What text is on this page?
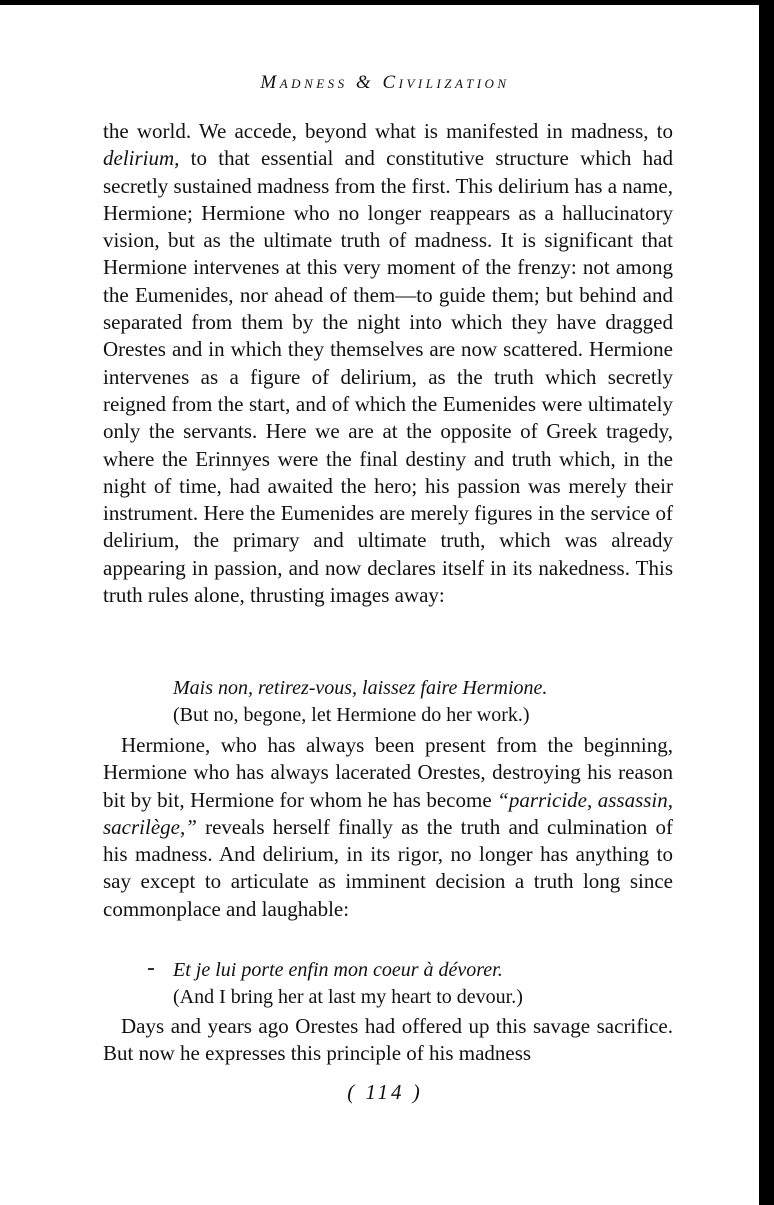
Madness & Civilization

the world. We accede, beyond what is manifested in madness, to delirium, to that essential and constitutive structure which had secretly sustained madness from the first. This delirium has a name, Hermione; Hermione who no longer reappears as a hallucinatory vision, but as the ultimate truth of madness. It is significant that Hermione intervenes at this very moment of the frenzy: not among the Eumenides, nor ahead of them—to guide them; but behind and separated from them by the night into which they have dragged Orestes and in which they themselves are now scattered. Hermione intervenes as a figure of delirium, as the truth which secretly reigned from the start, and of which the Eumenides were ultimately only the servants. Here we are at the opposite of Greek tragedy, where the Erinnyes were the final destiny and truth which, in the night of time, had awaited the hero; his passion was merely their instrument. Here the Eumenides are merely figures in the service of delirium, the primary and ultimate truth, which was already appearing in passion, and now declares itself in its nakedness. This truth rules alone, thrusting images away:

Mais non, retirez-vous, laissez faire Hermione.
(But no, begone, let Hermione do her work.)

Hermione, who has always been present from the beginning, Hermione who has always lacerated Orestes, destroying his reason bit by bit, Hermione for whom he has become “parricide, assassin, sacrilège,” reveals herself finally as the truth and culmination of his madness. And delirium, in its rigor, no longer has anything to say except to articulate as imminent decision a truth long since commonplace and laughable:

Et je lui porte enfin mon coeur à dévorer.
(And I bring her at last my heart to devour.)

Days and years ago Orestes had offered up this savage sacrifice. But now he expresses this principle of his madness

( 114 )
